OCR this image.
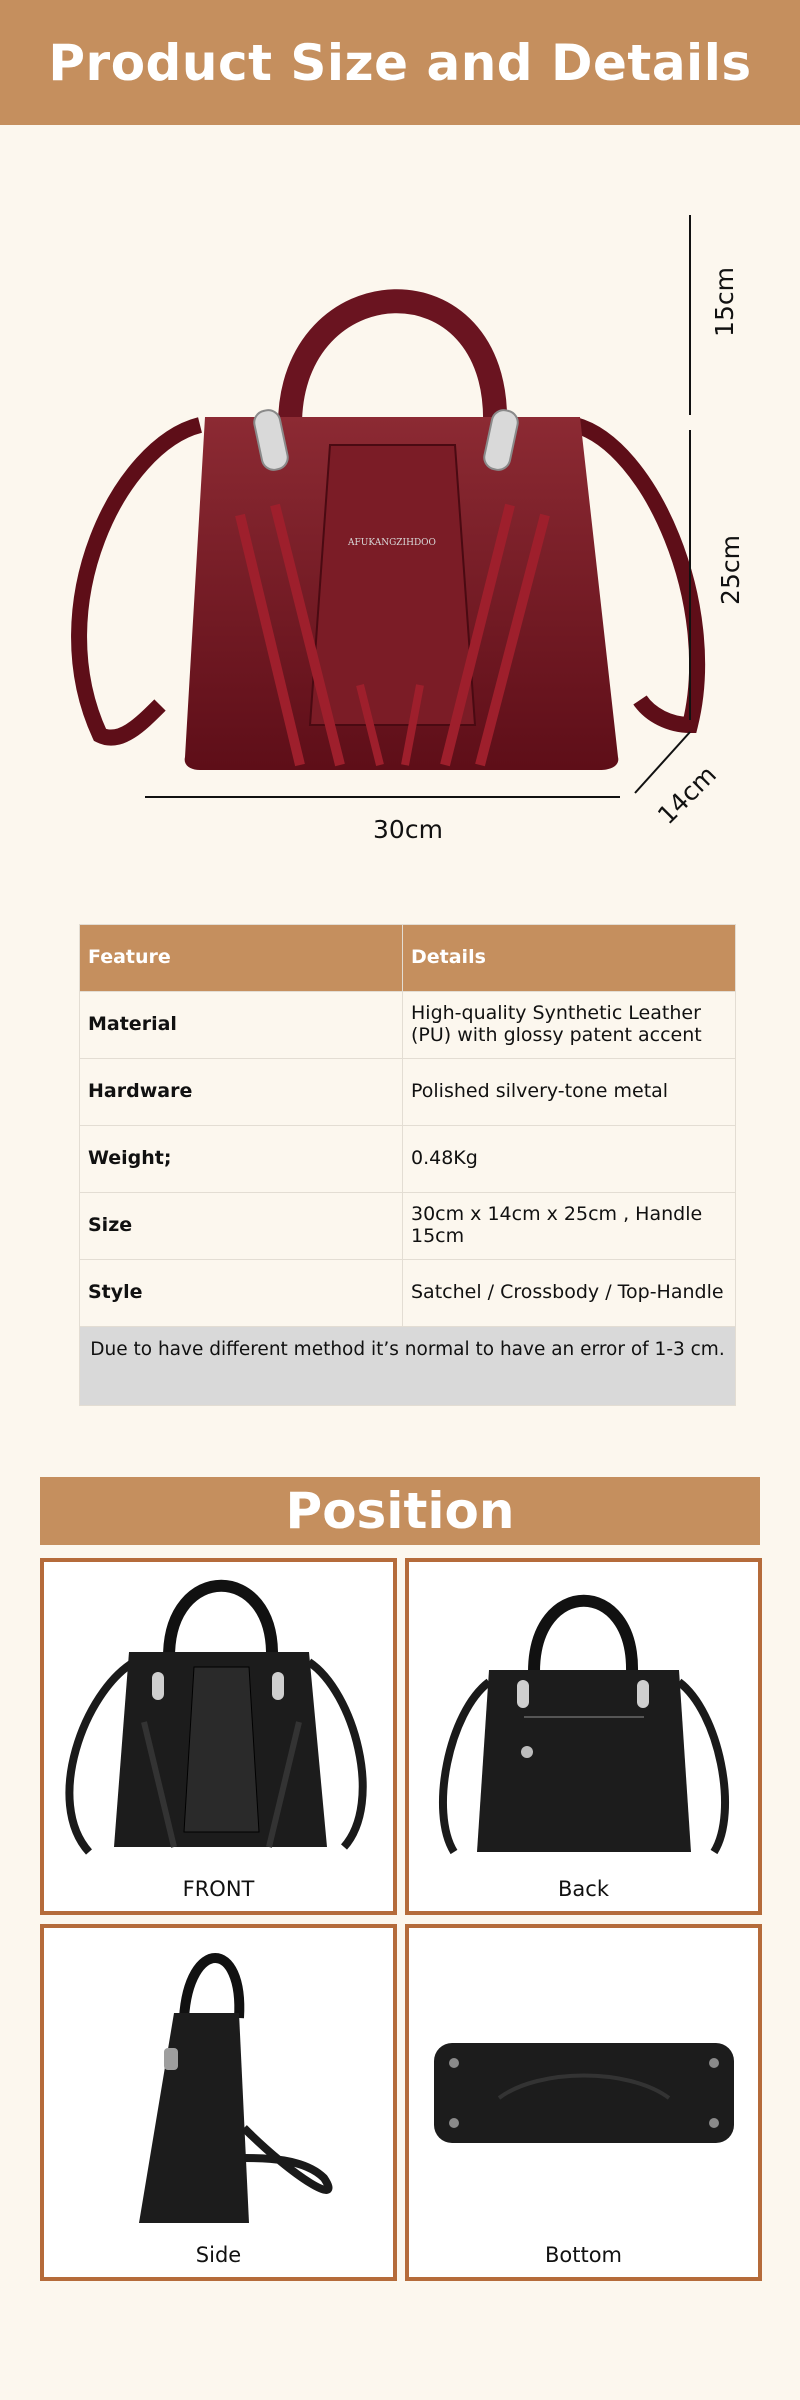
Product Size and Details
AFUKANGZIHDOO
15cm
25cm
30cm	14cm
Feature	Details
Material	High-quality Synthetic Leather (PU) with glossy patent accent
Hardware	Polished silvery-tone metal
Weight;	0.48Kg
Size	30cm x 14cm x 25cm , Handle 15cm
Style	Satchel / Crossbody / Top-Handle
Due to have different method it’s normal to have an error of 1-3 cm.	
Position
FRONT	Back
Side	Bottom
